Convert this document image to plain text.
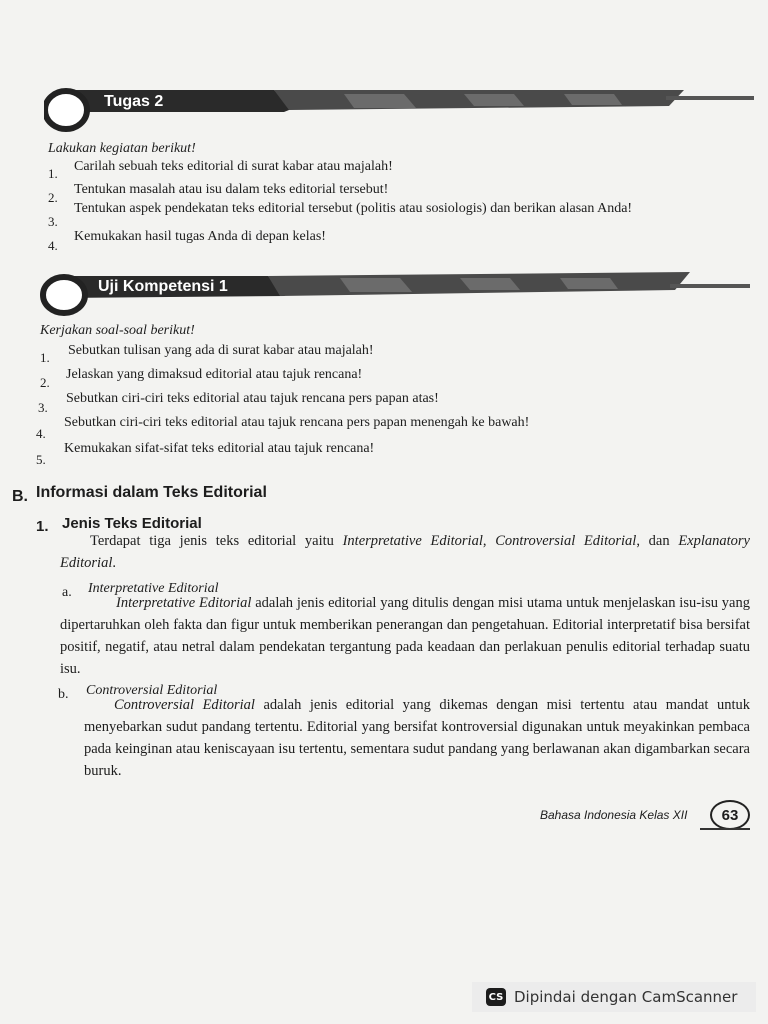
Tugas 2
Lakukan kegiatan berikut!
1. Carilah sebuah teks editorial di surat kabar atau majalah!
2.
Tentukan masalah atau isu dalam teks editorial tersebut!
3.
Tentukan aspek pendekatan teks editorial tersebut (politis atau sosiologis) dan berikan alasan Anda!
4.
Kemukakan hasil tugas Anda di depan kelas!
Uji Kompetensi 1
Kerjakan soal-soal berikut!
1. Sebutkan tulisan yang ada di surat kabar atau majalah!
2.
Jelaskan yang dimaksud editorial atau tajuk rencana!
3.
Sebutkan ciri-ciri teks editorial atau tajuk rencana pers papan atas!
4.
Sebutkan ciri-ciri teks editorial atau tajuk rencana pers papan menengah ke bawah!
5.
Kemukakan sifat-sifat teks editorial atau tajuk rencana!
B. Informasi dalam Teks Editorial
1. Jenis Teks Editorial
Terdapat tiga jenis teks editorial yaitu Interpretative Editorial, Controversial Editorial, dan Explanatory Editorial.
a. Interpretative Editorial
Interpretative Editorial adalah jenis editorial yang ditulis dengan misi utama untuk menjelaskan isu-isu yang dipertaruhkan oleh fakta dan figur untuk memberikan penerangan dan pengetahuan. Editorial interpretatif bisa bersifat positif, negatif, atau netral dalam pendekatan tergantung pada keadaan dan perlakuan penulis editorial terhadap suatu isu.
b. Controversial Editorial
Controversial Editorial adalah jenis editorial yang dikemas dengan misi tertentu atau mandat untuk menyebarkan sudut pandang tertentu. Editorial yang bersifat kontroversial digunakan untuk meyakinkan pembaca pada keinginan atau keniscayaan isu tertentu, sementara sudut pandang yang berlawanan akan digambarkan secara buruk.
Bahasa Indonesia Kelas XII	63
CS Dipindai dengan CamScanner
